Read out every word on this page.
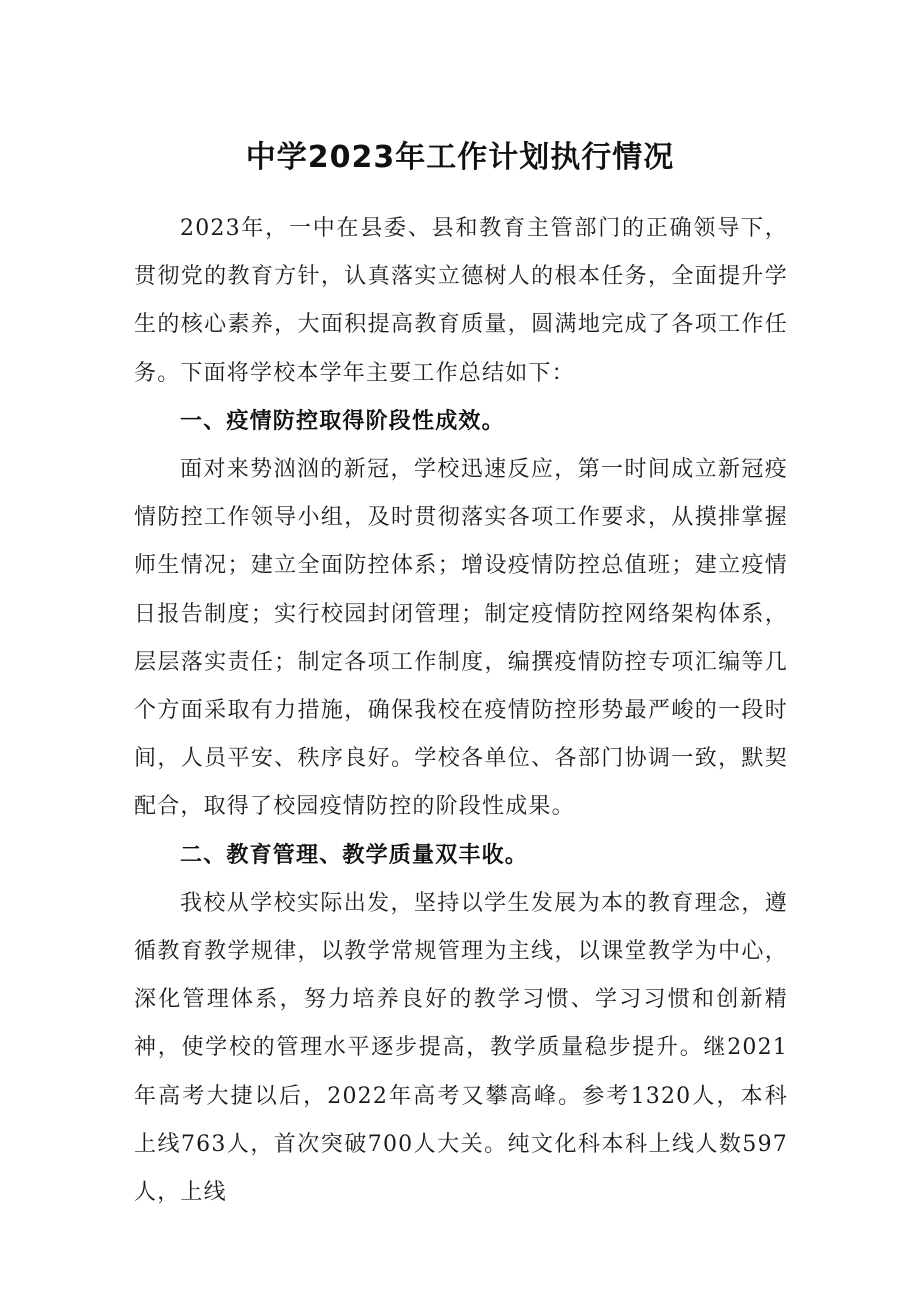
中学2023年工作计划执行情况

2023年，一中在县委、县和教育主管部门的正确领导下，贯彻党的教育方针，认真落实立德树人的根本任务，全面提升学生的核心素养，大面积提高教育质量，圆满地完成了各项工作任务。下面将学校本学年主要工作总结如下：

一、疫情防控取得阶段性成效。

面对来势汹汹的新冠，学校迅速反应，第一时间成立新冠疫情防控工作领导小组，及时贯彻落实各项工作要求，从摸排掌握师生情况；建立全面防控体系；增设疫情防控总值班；建立疫情日报告制度；实行校园封闭管理；制定疫情防控网络架构体系，层层落实责任；制定各项工作制度，编撰疫情防控专项汇编等几个方面采取有力措施，确保我校在疫情防控形势最严峻的一段时间，人员平安、秩序良好。学校各单位、各部门协调一致，默契配合，取得了校园疫情防控的阶段性成果。

二、教育管理、教学质量双丰收。

我校从学校实际出发，坚持以学生发展为本的教育理念，遵循教育教学规律，以教学常规管理为主线，以课堂教学为中心，深化管理体系，努力培养良好的教学习惯、学习习惯和创新精神，使学校的管理水平逐步提高，教学质量稳步提升。继2021年高考大捷以后，2022年高考又攀高峰。参考1320人，本科上线763人，首次突破700人大关。纯文化科本科上线人数597人，上线
